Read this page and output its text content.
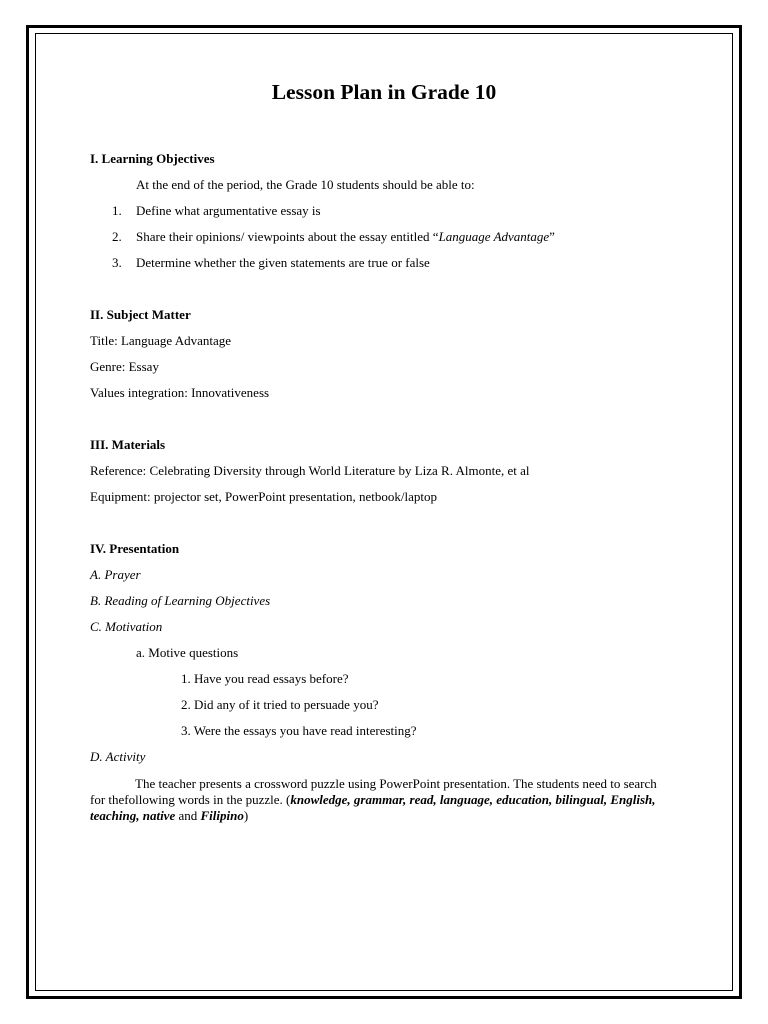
Lesson Plan in Grade 10
I. Learning Objectives
At the end of the period, the Grade 10 students should be able to:
1. Define what argumentative essay is
2. Share their opinions/ viewpoints about the essay entitled “Language Advantage”
3. Determine whether the given statements are true or false
II. Subject Matter
Title: Language Advantage
Genre: Essay
Values integration: Innovativeness
III. Materials
Reference: Celebrating Diversity through World Literature by Liza R. Almonte, et al
Equipment: projector set, PowerPoint presentation, netbook/laptop
IV. Presentation
A. Prayer
B. Reading of Learning Objectives
C. Motivation
a. Motive questions
1. Have you read essays before?
2. Did any of it tried to persuade you?
3. Were the essays you have read interesting?
D. Activity
The teacher presents a crossword puzzle using PowerPoint presentation. The students need to search for thefollowing words in the puzzle. (knowledge, grammar, read, language, education, bilingual, English, teaching, native and Filipino)
